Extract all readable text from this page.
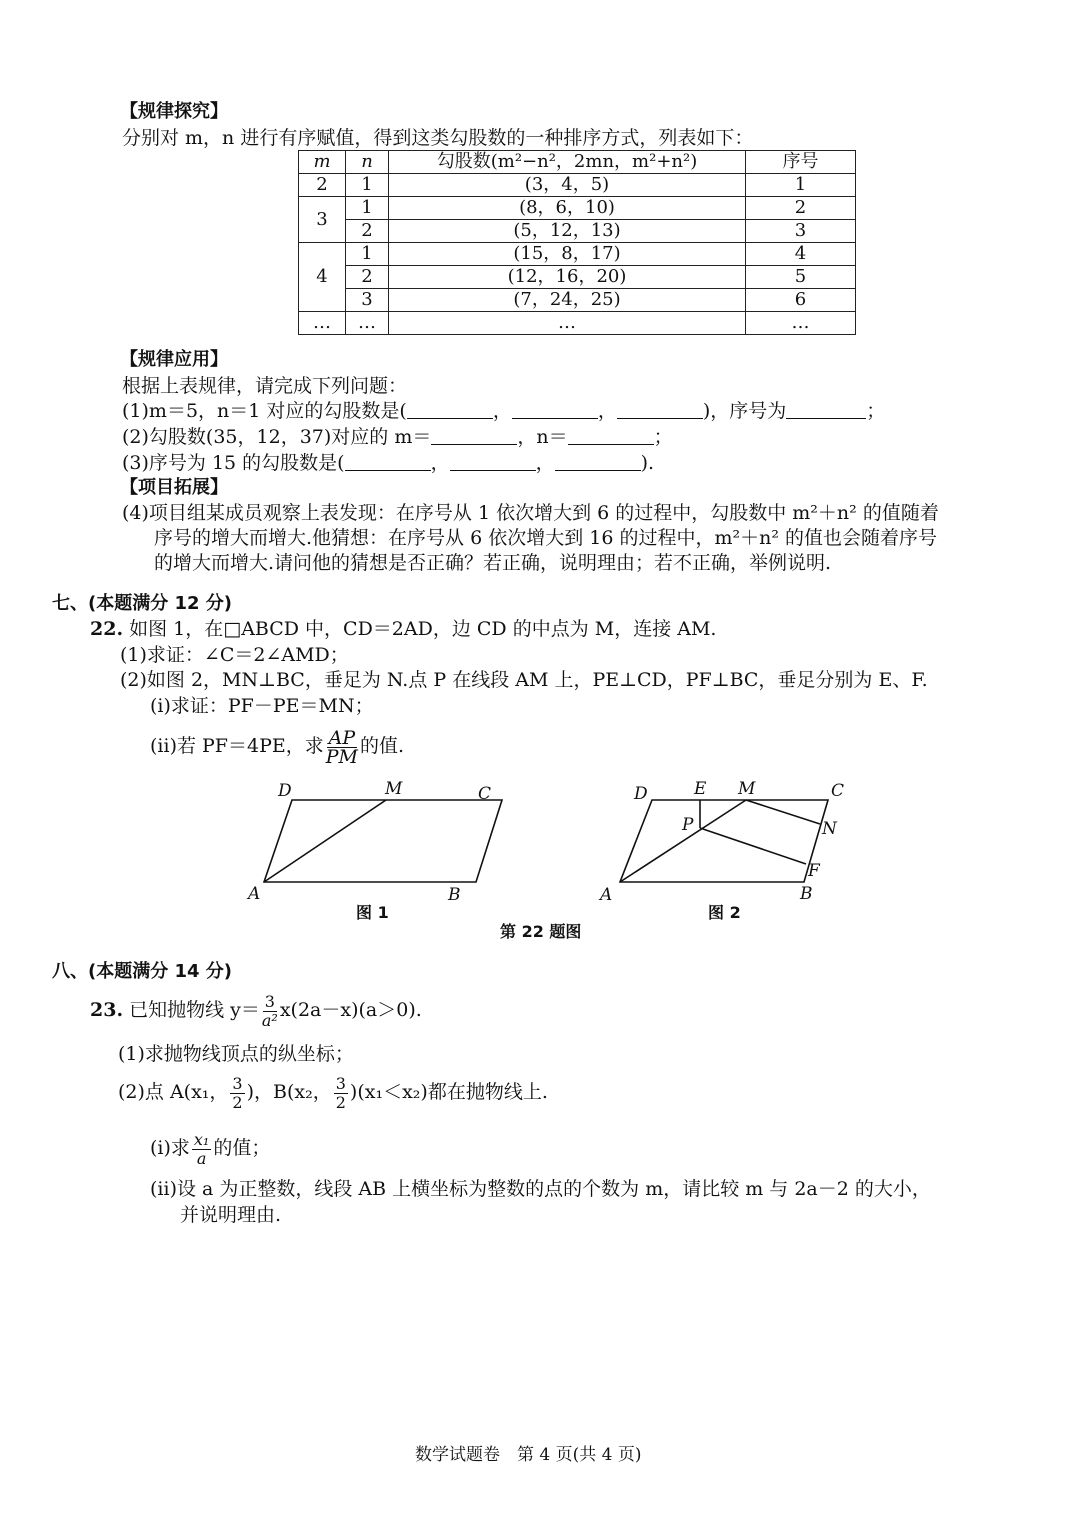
【规律探究】
分别对 m，n 进行有序赋值，得到这类勾股数的一种排序方式，列表如下：
m	n	勾股数(m²−n²，2mn，m²+n²)	序号
2	1	(3，4，5)	1
3	1	(8，6，10)	2
	2	(5，12，13)	3
4	1	(15，8，17)	4
	2	(12，16，20)	5
	3	(7，24，25)	6
…	…	…	…
【规律应用】
根据上表规律，请完成下列问题：
(1)m＝5，n＝1 对应的勾股数是(	，	，	)，序号为	；
(2)勾股数(35，12，37)对应的 m＝	，n＝	；
(3)序号为 15 的勾股数是(	，	，	).
【项目拓展】
(4)项目组某成员观察上表发现：在序号从 1 依次增大到 6 的过程中，勾股数中 m²＋n² 的值随着
序号的增大而增大.他猜想：在序号从 6 依次增大到 16 的过程中，m²＋n² 的值也会随着序号
的增大而增大.请问他的猜想是否正确？若正确，说明理由；若不正确，举例说明.
七、(本题满分 12 分)
22. 如图 1，在□ABCD 中，CD＝2AD，边 CD 的中点为 M，连接 AM.
(1)求证：∠C＝2∠AMD；
(2)如图 2，MN⊥BC，垂足为 N.点 P 在线段 AM 上，PE⊥CD，PF⊥BC，垂足分别为 E、F.
(ⅰ)求证：PF－PE＝MN；
(ⅱ)若 PF＝4PE，求 $\frac{AP}{PM}$ 的值.
D	M	C
A	B
图 1
D	E M	C
P	N
F
A	B
图 2
第 22 题图
八、(本题满分 14 分)
23. 已知抛物线 $y= \frac{3}{\text{a²}} x(2a-x)(a>0)$.
(1)求抛物线顶点的纵坐标；
(2)点 A(x₁， $\frac{3}{2}$ )，B(x₂， $\frac{3}{2} )(x_1<x_2)$都在抛物线上.
(ⅰ)求 $\frac{\text{x₁}}{a}$ 的值；
(ⅱ)设 a 为正整数，线段 AB 上横坐标为整数的点的个数为 m，请比较 m 与 2a－2 的大小，
并说明理由.
数学试题卷　第 4 页(共 4 页)
